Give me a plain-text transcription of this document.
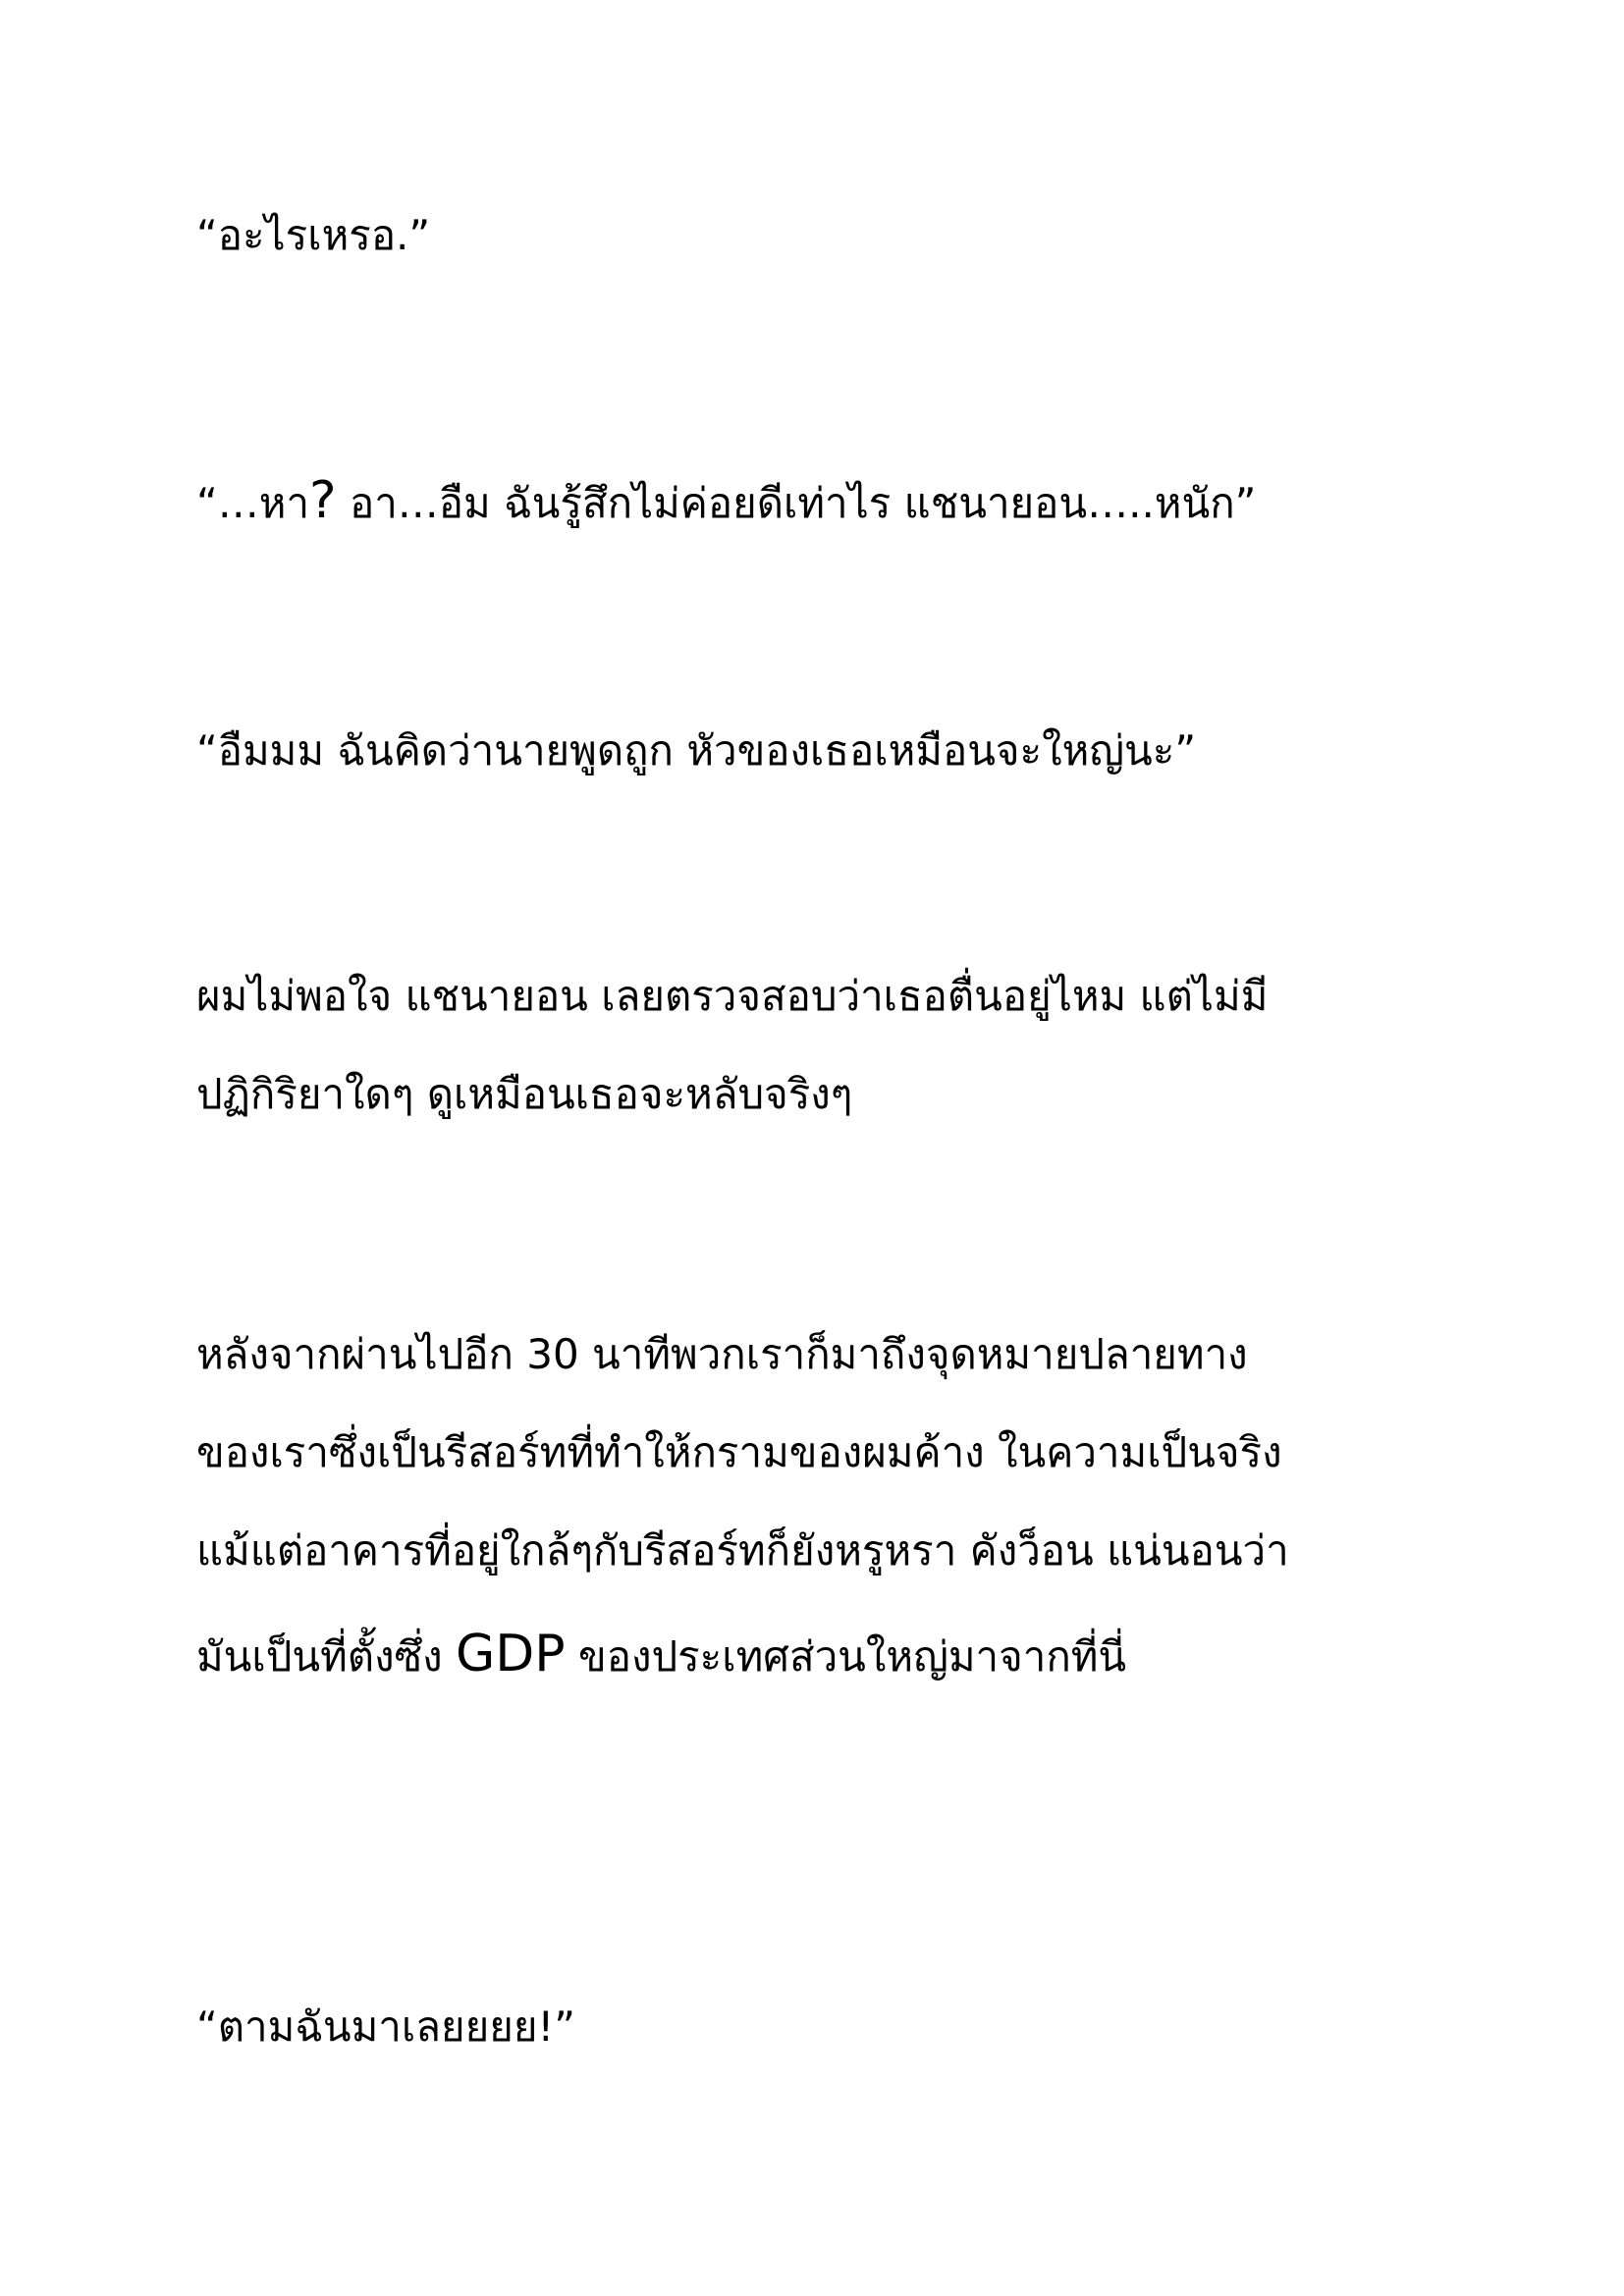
“อะไรเหรอ.”

“…หา? อา…อืม ฉันรู้สึกไม่ค่อยดีเท่าไร แชนายอน…..หนัก”

“อืมมม ฉันคิดว่านายพูดถูก หัวของเธอเหมือนจะใหญ่นะ”

ผมไม่พอใจ แชนายอน เลยตรวจสอบว่าเธอตื่นอยู่ไหม แต่ไม่มี

ปฏิกิริยาใดๆ ดูเหมือนเธอจะหลับจริงๆ

หลังจากผ่านไปอีก 30 นาทีพวกเราก็มาถึงจุดหมายปลายทาง

ของเราซึ่งเป็นรีสอร์ทที่ทำให้กรามของผมค้าง ในความเป็นจริง

แม้แต่อาคารที่อยู่ใกล้ๆกับรีสอร์ทก็ยังหรูหรา คังว็อน แน่นอนว่า

มันเป็นที่ตั้งซึ่ง GDP ของประเทศส่วนใหญ่มาจากที่นี่

“ตามฉันมาเลยยยย!”
